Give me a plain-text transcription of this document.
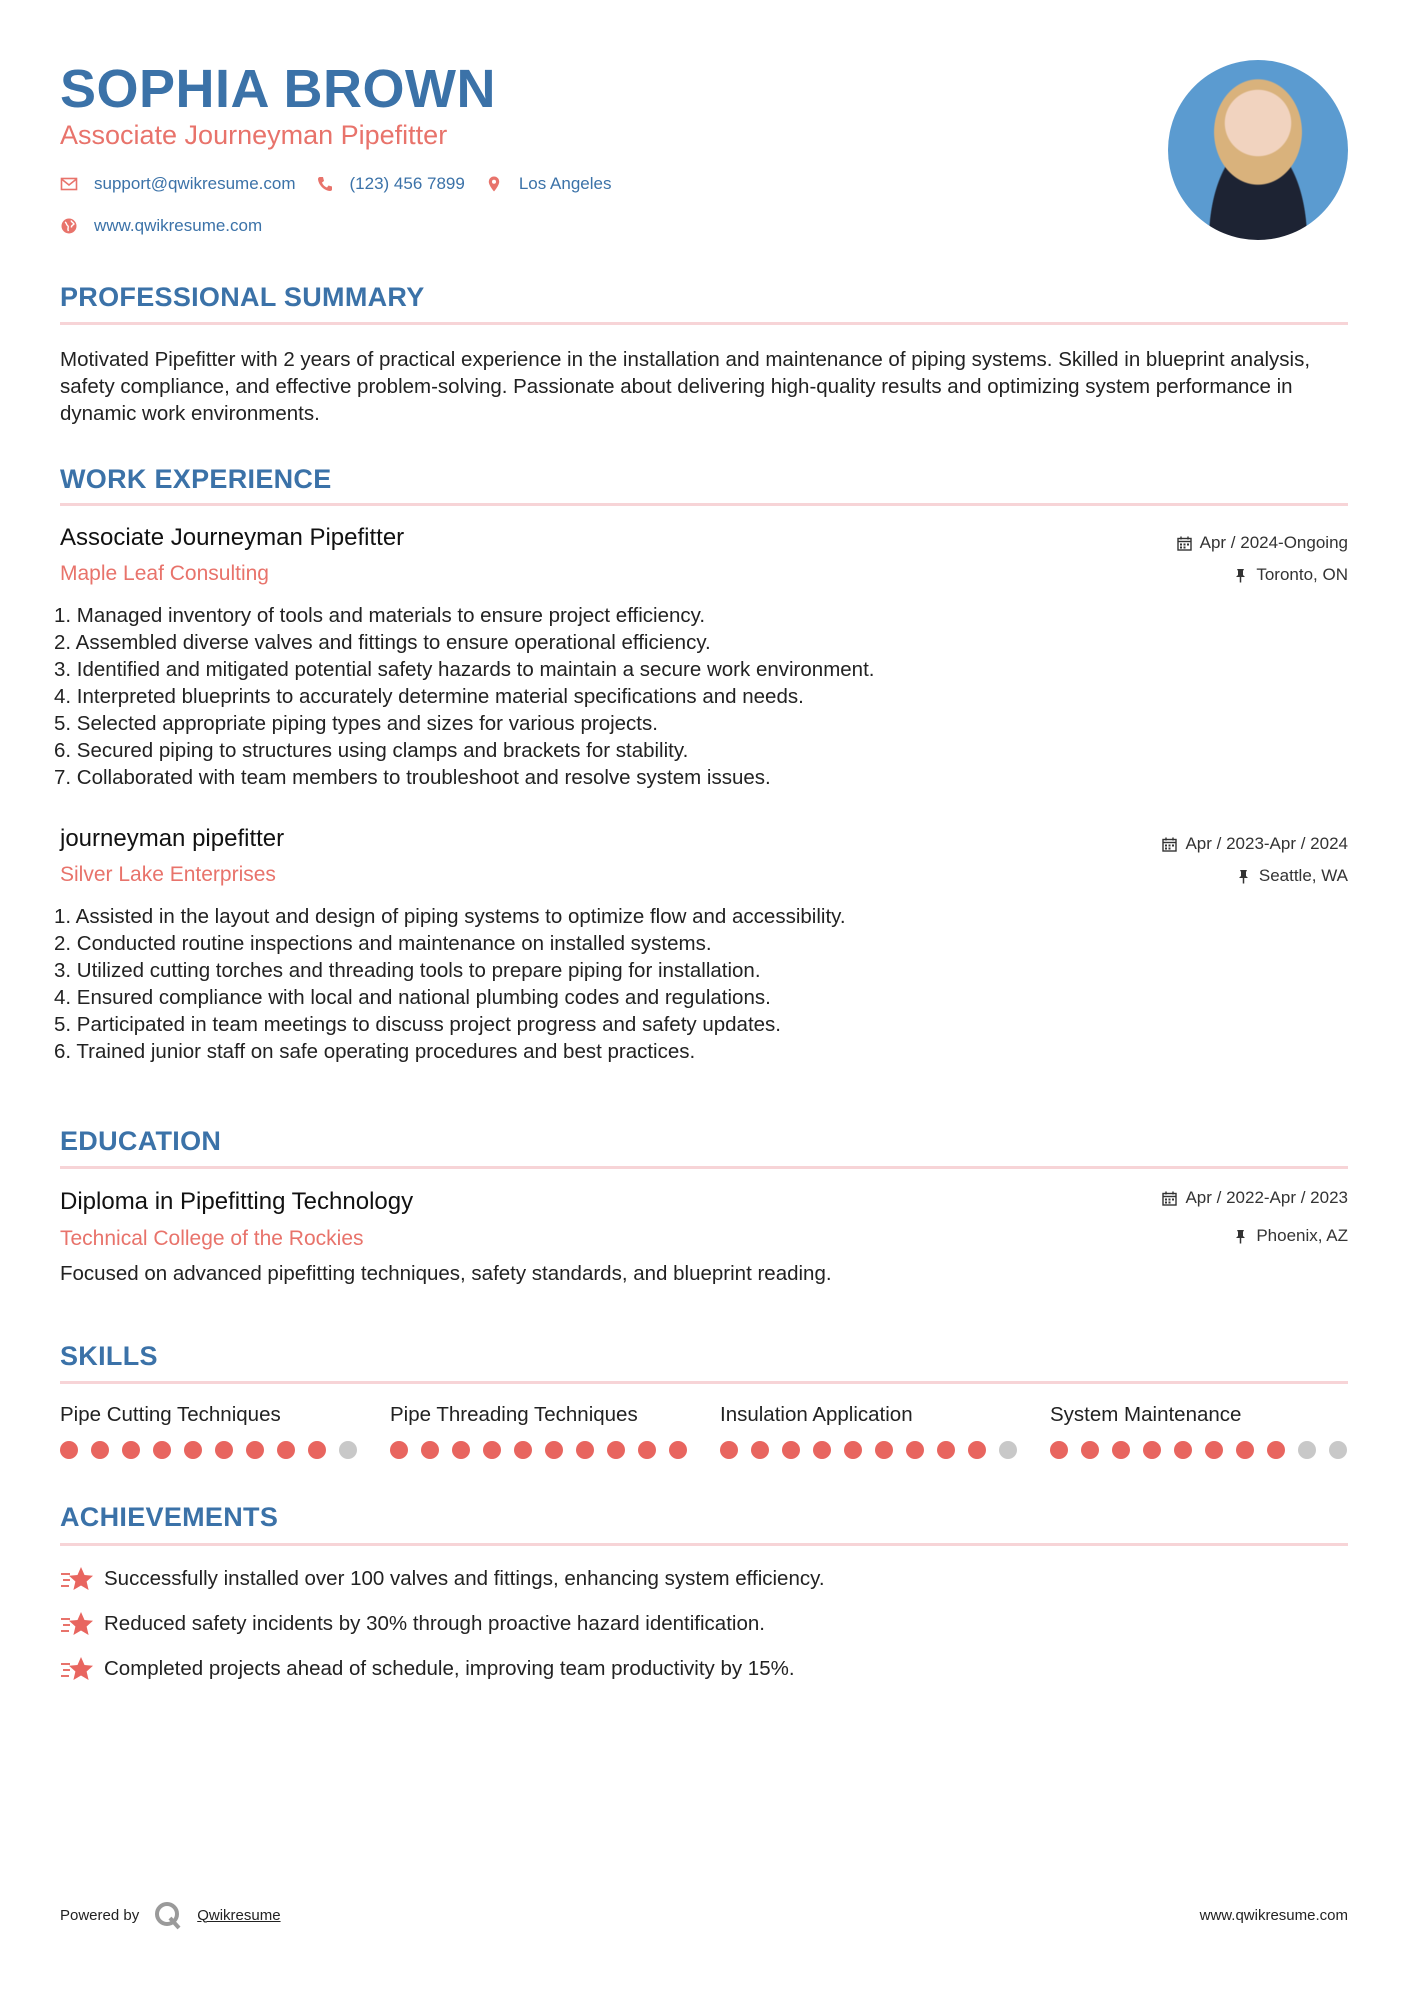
SOPHIA BROWN
Associate Journeyman Pipefitter
support@qwikresume.com	(123) 456 7899	Los Angeles
www.qwikresume.com
PROFESSIONAL SUMMARY
Motivated Pipefitter with 2 years of practical experience in the installation and maintenance of piping systems. Skilled in blueprint analysis, safety compliance, and effective problem-solving. Passionate about delivering high-quality results and optimizing system performance in dynamic work environments.
WORK EXPERIENCE
Associate Journeyman Pipefitter
Maple Leaf Consulting
Apr / 2024-Ongoing
Toronto, ON
1. Managed inventory of tools and materials to ensure project efficiency.
2. Assembled diverse valves and fittings to ensure operational efficiency.
3. Identified and mitigated potential safety hazards to maintain a secure work environment.
4. Interpreted blueprints to accurately determine material specifications and needs.
5. Selected appropriate piping types and sizes for various projects.
6. Secured piping to structures using clamps and brackets for stability.
7. Collaborated with team members to troubleshoot and resolve system issues.
journeyman pipefitter
Silver Lake Enterprises
Apr / 2023-Apr / 2024
Seattle, WA
1. Assisted in the layout and design of piping systems to optimize flow and accessibility.
2. Conducted routine inspections and maintenance on installed systems.
3. Utilized cutting torches and threading tools to prepare piping for installation.
4. Ensured compliance with local and national plumbing codes and regulations.
5. Participated in team meetings to discuss project progress and safety updates.
6. Trained junior staff on safe operating procedures and best practices.
EDUCATION
Diploma in Pipefitting Technology
Technical College of the Rockies
Apr / 2022-Apr / 2023
Phoenix, AZ
Focused on advanced pipefitting techniques, safety standards, and blueprint reading.
SKILLS
Pipe Cutting Techniques	Pipe Threading Techniques	Insulation Application	System Maintenance
ACHIEVEMENTS
Successfully installed over 100 valves and fittings, enhancing system efficiency.
Reduced safety incidents by 30% through proactive hazard identification.
Completed projects ahead of schedule, improving team productivity by 15%.
Powered by	Qwikresume	www.qwikresume.com
